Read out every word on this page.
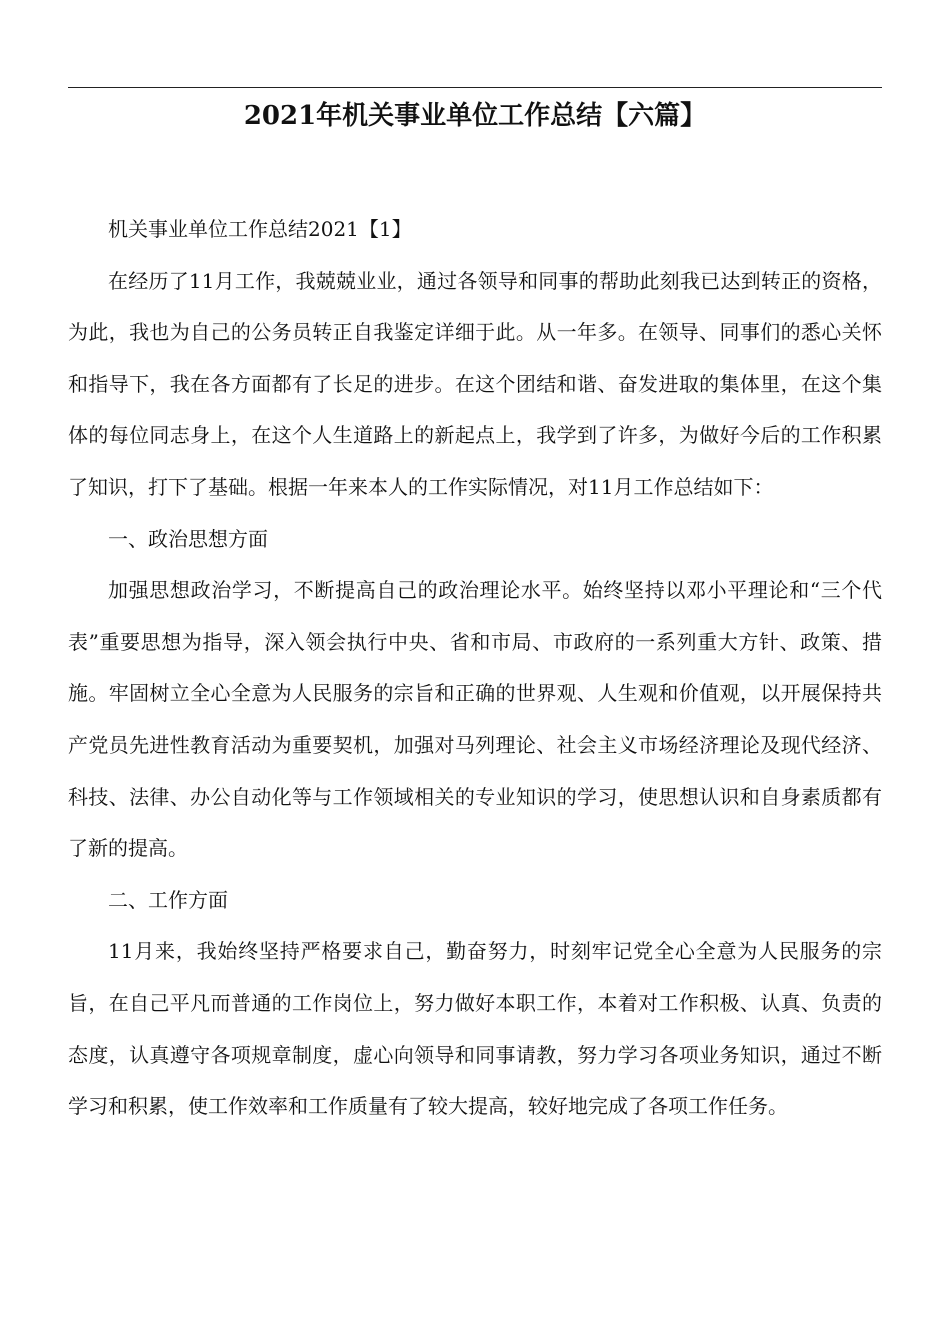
2021年机关事业单位工作总结【六篇】

机关事业单位工作总结2021【1】

在经历了11月工作，我兢兢业业，通过各领导和同事的帮助此刻我已达到转正的资格，为此，我也为自己的公务员转正自我鉴定详细于此。从一年多。在领导、同事们的悉心关怀和指导下，我在各方面都有了长足的进步。在这个团结和谐、奋发进取的集体里，在这个集体的每位同志身上，在这个人生道路上的新起点上，我学到了许多，为做好今后的工作积累了知识，打下了基础。根据一年来本人的工作实际情况，对11月工作总结如下：

一、政治思想方面

加强思想政治学习，不断提高自己的政治理论水平。始终坚持以邓小平理论和“三个代表”重要思想为指导，深入领会执行中央、省和市局、市政府的一系列重大方针、政策、措施。牢固树立全心全意为人民服务的宗旨和正确的世界观、人生观和价值观，以开展保持共产党员先进性教育活动为重要契机，加强对马列理论、社会主义市场经济理论及现代经济、科技、法律、办公自动化等与工作领域相关的专业知识的学习，使思想认识和自身素质都有了新的提高。

二、工作方面

11月来，我始终坚持严格要求自己，勤奋努力，时刻牢记党全心全意为人民服务的宗旨，在自己平凡而普通的工作岗位上，努力做好本职工作，本着对工作积极、认真、负责的态度，认真遵守各项规章制度，虚心向领导和同事请教，努力学习各项业务知识，通过不断学习和积累，使工作效率和工作质量有了较大提高，较好地完成了各项工作任务。
